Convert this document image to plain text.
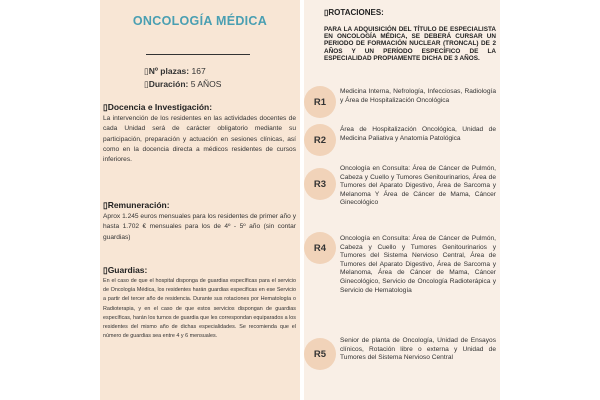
ONCOLOGÍA MÉDICA
▯Nº plazas: 167
▯Duración: 5 AÑOS
▯Docencia e Investigación:
La intervención de los residentes en las actividades docentes de cada Unidad será de carácter obligatorio mediante su participación, preparación y actuación en sesiones clínicas, así como en la docencia directa a médicos residentes de cursos inferiores.
▯Remuneración:
Aprox 1.245 euros mensuales para los residentes de primer año y hasta 1.702 € mensuales para los de 4º - 5º año (sin contar guardias)
▯Guardias:
En el caso de que el hospital disponga de guardias específicas para el servicio de Oncología Médica, los residentes harán guardias especificas en ese Servicio a partir del tercer año de residencia. Durante sus rotaciones por Hematología o Radioterapia, y en el caso de que estos servicios dispongan de guardias específicas, harán los turnos de guardia que les correspondan equiparados a los residentes del mismo año de dichas especialidades. Se recomienda que el número de guardias sea entre 4 y 6 mensuales.
▯ROTACIONES:
PARA LA ADQUISICIÓN DEL TÍTULO DE ESPECIALISTA EN ONCOLOGÍA MÉDICA, SE DEBERÁ CURSAR UN PERIODO DE FORMACIÓN NUCLEAR (TRONCAL) DE 2 AÑOS Y UN PERÍODO ESPECÍFICO DE LA ESPECIALIDAD PROPIAMENTE DICHA DE 3 AÑOS.
R1
Medicina Interna, Nefrología, Infecciosas, Radiología y Área de Hospitalización Oncológica
R2
Área de Hospitalización Oncológica, Unidad de Medicina Paliativa y Anatomía Patológica
R3
Oncología en Consulta: Área de Cáncer de Pulmón, Cabeza y Cuello y Tumores Genitourinarios, Área de Tumores del Aparato Digestivo, Área de Sarcoma y Melanoma Y Área de Cáncer de Mama, Cáncer Ginecológico
R4
Oncología en Consulta: Área de Cáncer de Pulmón, Cabeza y Cuello y Tumores Genitourinarios y Tumores del Sistema Nervioso Central, Área de Tumores del Aparato Digestivo, Área de Sarcoma y Melanoma, Área de Cáncer de Mama, Cáncer Ginecológico, Servicio de Oncología Radioterápica y Servicio de Hematología
R5
Senior de planta de Oncología, Unidad de Ensayos clínicos, Rotación libre o externa y Unidad de Tumores del Sistema Nervioso Central
